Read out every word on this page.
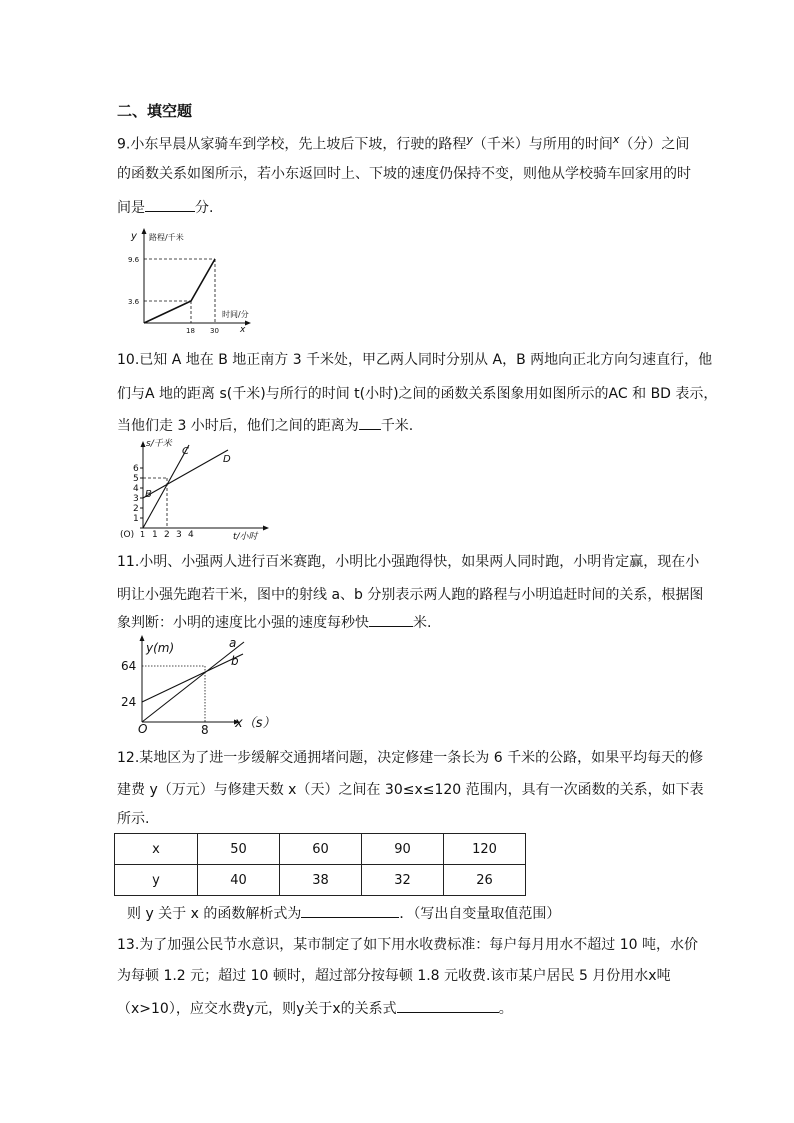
二、填空题
9.小东早晨从家骑车到学校，先上坡后下坡，行驶的路程$^y$（千米）与所用的时间$^x$（分）之间
的函数关系如图所示，若小东返回时上、下坡的速度仍保持不变，则他从学校骑车回家用的时
间是	分.
y 路程/千米
9.6
3.6
18 30
时间/分
x
10.已知 A 地在 B 地正南方 3 千米处，甲乙两人同时分别从 A，B 两地向正北方向匀速直行，他
们与A 地的距离 s(千米)与所行的时间 t(小时)之间的函数关系图象用如图所示的AC 和 BD 表示，
当他们走 3 小时后，他们之间的距离为 千米.
s/千米
6
5
4
3
2
1
(O) 1 1 2 3 4	t/小时
C
D
B
11.小明、小强两人进行百米赛跑，小明比小强跑得快，如果两人同时跑，小明肯定赢，现在小
明让小强先跑若干米，图中的射线 a、b 分别表示两人跑的路程与小明追赶时间的关系，根据图
象判断：小明的速度比小强的速度每秒快	米.
y(m)
64
24
O	8 x（s）
a
b
12.某地区为了进一步缓解交通拥堵问题，决定修建一条长为 6 千米的公路，如果平均每天的修
建费 y（万元）与修建天数 x（天）之间在 30≤x≤120 范围内，具有一次函数的关系，如下表
所示.
x	50	60	90	120
y	40	38	32	26
则 y 关于 x 的函数解析式为	．（写出自变量取值范围）
13.为了加强公民节水意识，某市制定了如下用水收费标准：每户每月用水不超过 10 吨，水价
为每顿 1.2 元；超过 10 顿时，超过部分按每顿 1.8 元收费.该市某户居民 5 月份用水x吨
（x>10），应交水费y元，则y关于x的关系式	。
